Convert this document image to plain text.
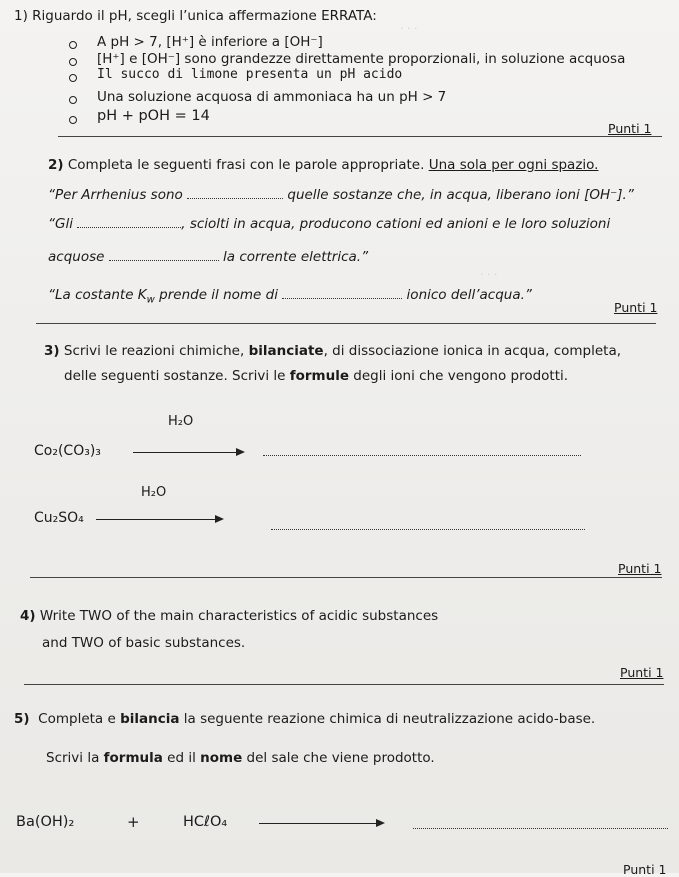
· · ·
· · ·
1) Riguardo il pH, scegli l’unica affermazione ERRATA:
A pH > 7, [H⁺] è inferiore a [OH⁻]
[H⁺] e [OH⁻] sono grandezze direttamente proporzionali, in soluzione acquosa
Il succo di limone presenta un pH acido
Una soluzione acquosa di ammoniaca ha un pH > 7
pH + pOH = 14
Punti 1
2) Completa le seguenti frasi con le parole appropriate. Una sola per ogni spazio.
“Per Arrhenius sono	quelle sostanze che, in acqua, liberano ioni [OH⁻].”
“Gli	, sciolti in acqua, producono cationi ed anioni e le loro soluzioni
acquose	la corrente elettrica.”
“La costante $K_w$ prende il nome di	ionico dell’acqua.”
Punti 1
3) Scrivi le reazioni chimiche, bilanciate, di dissociazione ionica in acqua, completa,
delle seguenti sostanze. Scrivi le formule degli ioni che vengono prodotti.
H₂O
Co₂(CO₃)₃
H₂O
Cu₂SO₄
Punti 1
4) Write TWO of the main characteristics of acidic substances
and TWO of basic substances.
Punti 1
5) Completa e bilancia la seguente reazione chimica di neutralizzazione acido-base.
Scrivi la formula ed il nome del sale che viene prodotto.
Ba(OH)₂	+	HCℓO₄
Punti 1
